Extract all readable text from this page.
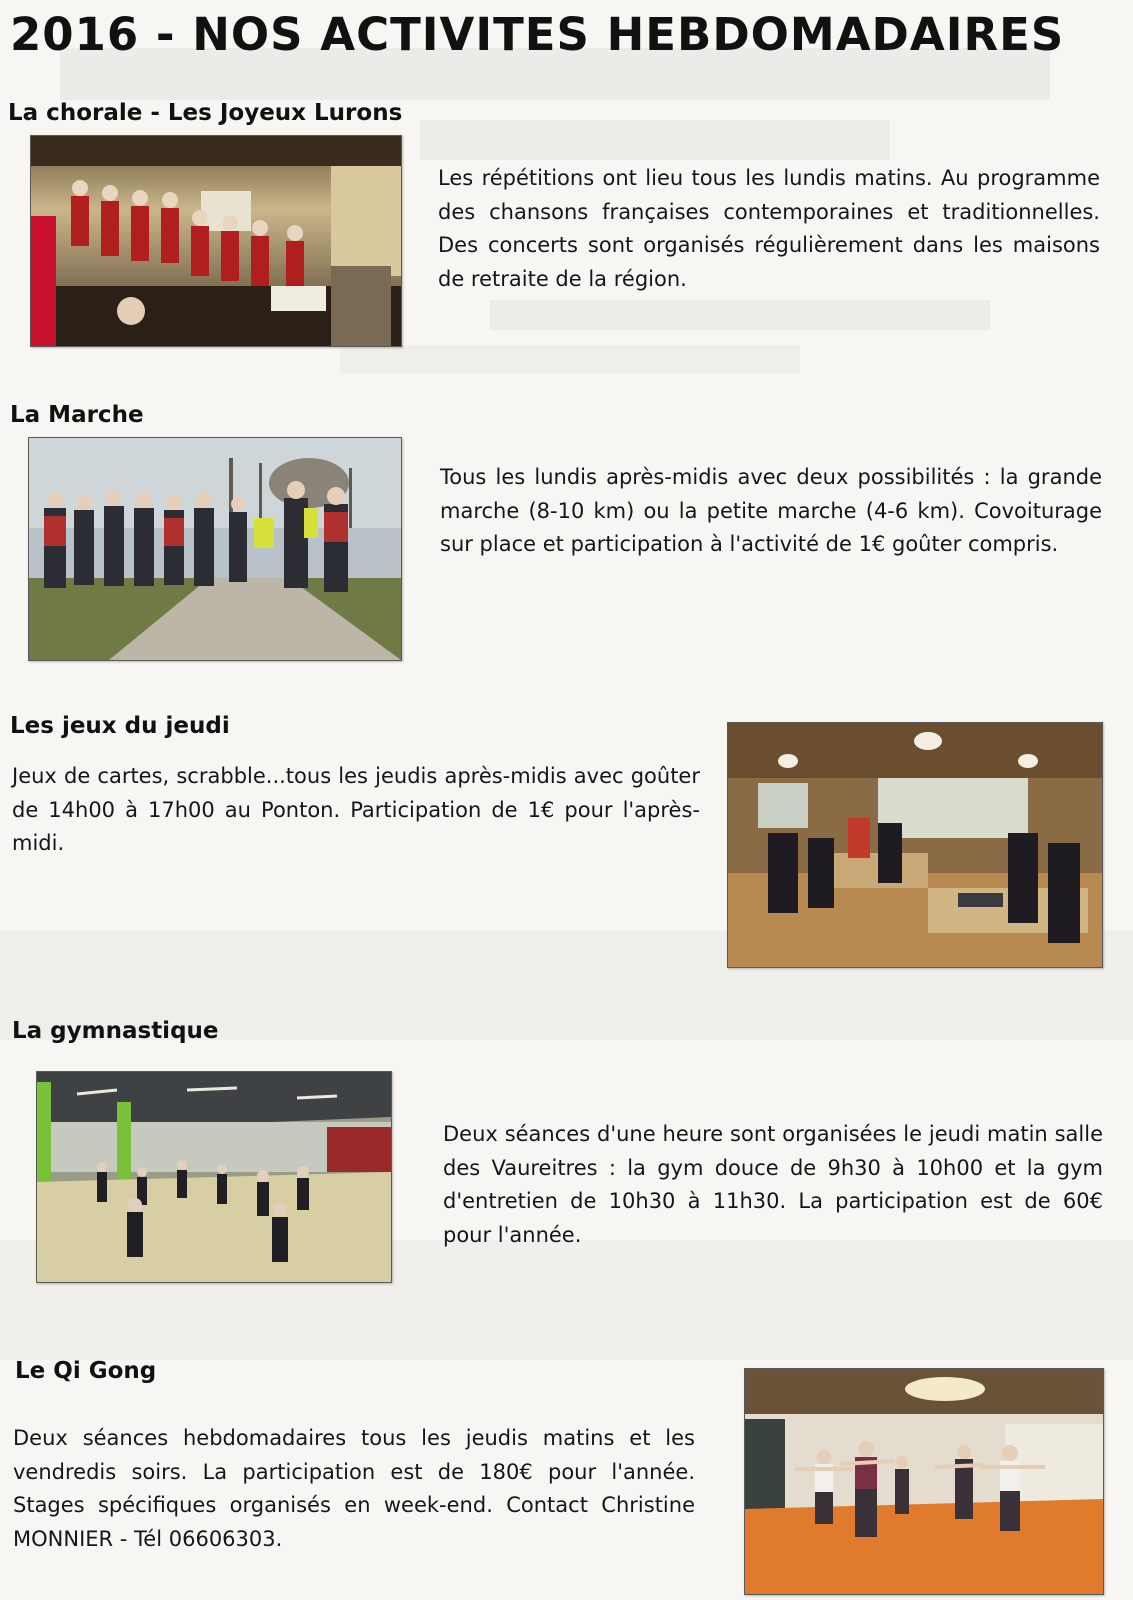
2016 - NOS ACTIVITES HEBDOMADAIRES
La chorale - Les Joyeux Lurons

Les répétitions ont lieu tous les lundis matins. Au programme des chansons françaises contemporaines et traditionnelles. Des concerts sont organisés régulièrement dans les maisons de retraite de la région.

La Marche

Tous les lundis après-midis avec deux possibilités : la grande marche (8-10 km) ou la petite marche (4-6 km). Covoiturage sur place et participation à l'activité de 1€ goûter compris.

Les jeux du jeudi

Jeux de cartes, scrabble...tous les jeudis après-midis avec goûter de 14h00 à 17h00 au Ponton. Participation de 1€ pour l'après-midi.

La gymnastique

Deux séances d'une heure sont organisées le jeudi matin salle des Vaureitres : la gym douce de 9h30 à 10h00 et la gym d'entretien de 10h30 à 11h30. La participation est de 60€ pour l'année.

Le Qi Gong

Deux séances hebdomadaires tous les jeudis matins et les vendredis soirs. La participation est de 180€ pour l'année. Stages spécifiques organisés en week-end. Contact Christine MONNIER - Tél 06606303.
